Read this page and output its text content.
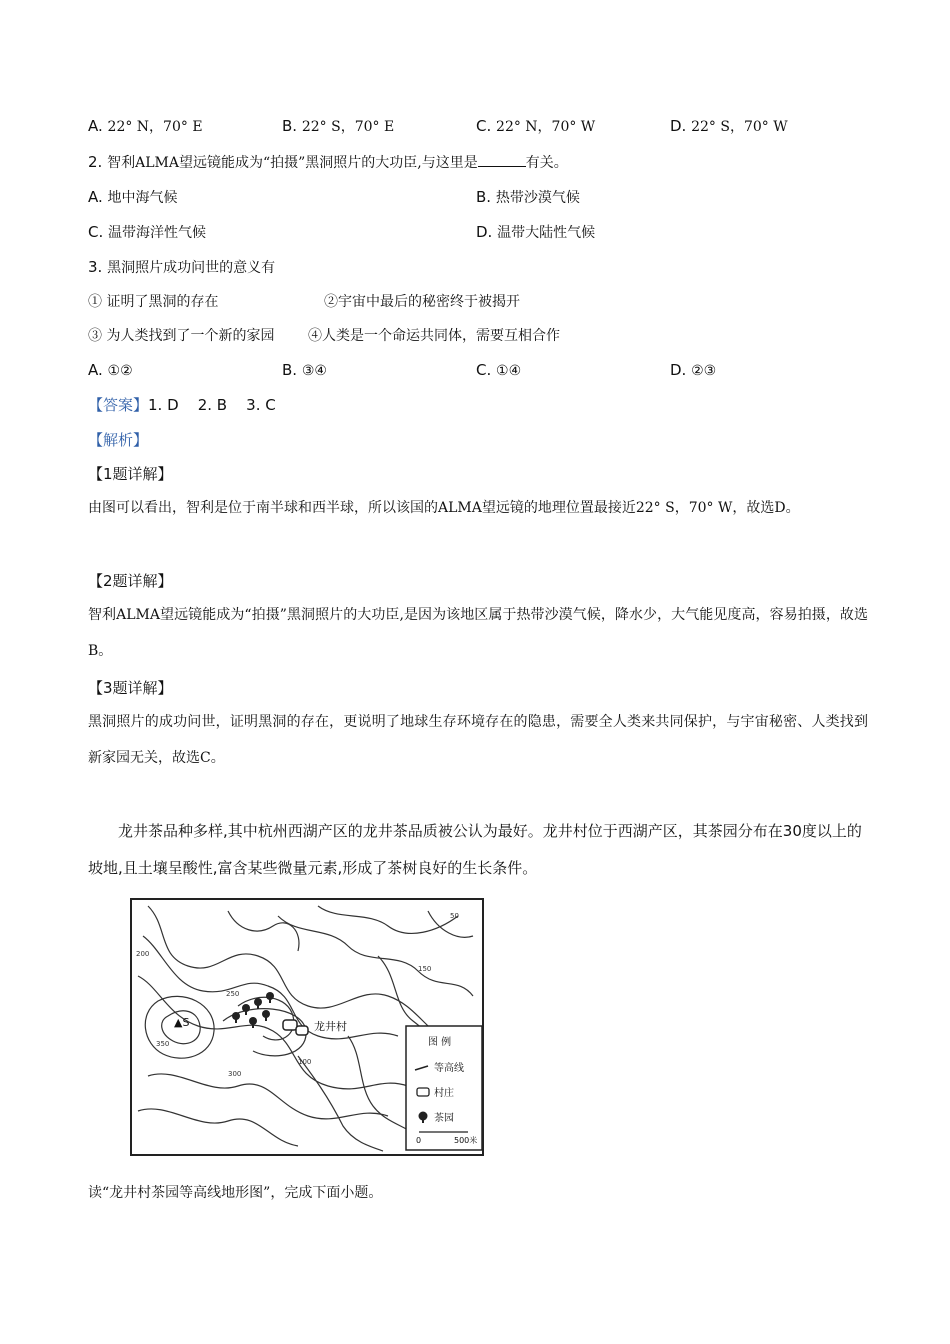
A. 22° N，70° E	B. 22° S，70° E	C. 22° N，70° W	D. 22° S，70° W
2. 智利ALMA望远镜能成为“拍摄”黑洞照片的大功臣,与这里是	有关。
A. 地中海气候	B. 热带沙漠气候
C. 温带海洋性气候	D. 温带大陆性气候
3. 黑洞照片成功问世的意义有
① 证明了黑洞的存在	②宇宙中最后的秘密终于被揭开
③ 为人类找到了一个新的家园 ④人类是一个命运共同体，需要互相合作
A. ①②	B. ③④	C. ①④	D. ②③
【答案】1. D    2. B    3. C
【解析】
【1题详解】
由图可以看出，智利是位于南半球和西半球，所以该国的ALMA望远镜的地理位置最接近22° S，70° W，故选D。
【2题详解】
智利ALMA望远镜能成为“拍摄”黑洞照片的大功臣,是因为该地区属于热带沙漠气候，降水少，大气能见度高，容易拍摄，故选B。
【3题详解】
黑洞照片的成功问世，证明黑洞的存在，更说明了地球生存环境存在的隐患，需要全人类来共同保护，与宇宙秘密、人类找到新家园无关，故选C。
龙井茶品种多样,其中杭州西湖产区的龙井茶品质被公认为最好。龙井村位于西湖产区，其茶园分布在30度以上的坡地,且土壤呈酸性,富含某些微量元素,形成了茶树良好的生长条件。
50
100
150
200
250
300
350
▲S	龙井村
图 例
等高线
村庄
茶园
0	500米
读“龙井村茶园等高线地形图”，完成下面小题。
